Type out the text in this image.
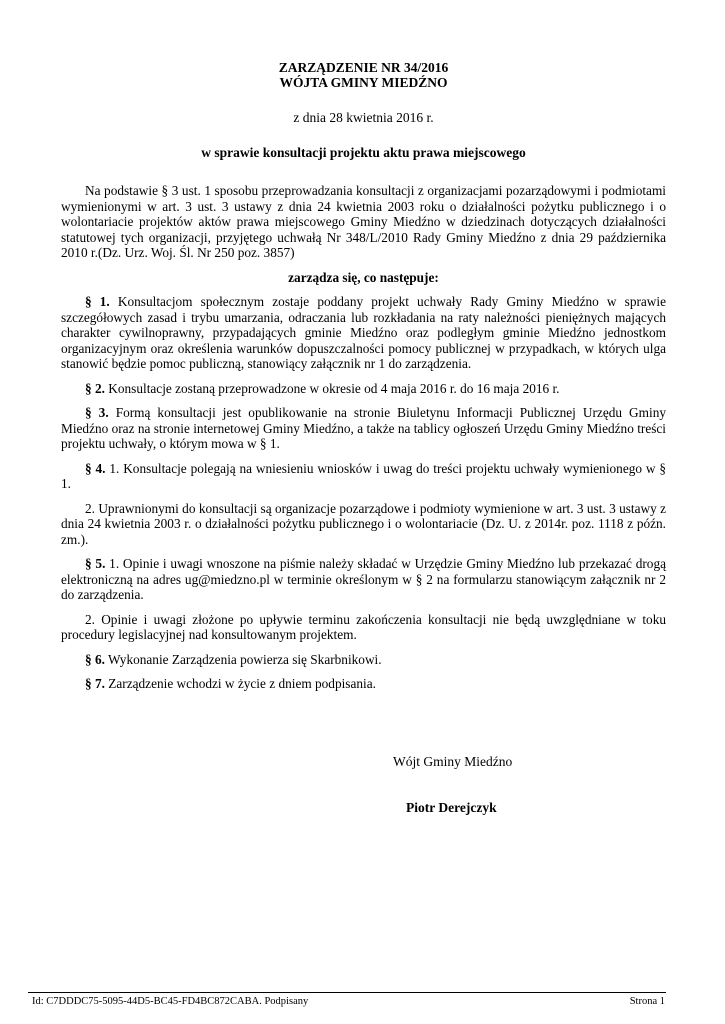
ZARZĄDZENIE NR 34/2016
WÓJTA GMINY MIEDŹNO
z dnia 28 kwietnia 2016 r.
w sprawie konsultacji projektu aktu prawa miejscowego

Na podstawie § 3 ust. 1 sposobu przeprowadzania konsultacji z organizacjami pozarządowymi i podmiotami wymienionymi w art. 3 ust. 3 ustawy z dnia 24 kwietnia 2003 roku o działalności pożytku publicznego i o wolontariacie projektów aktów prawa miejscowego Gminy Miedźno w dziedzinach dotyczących działalności statutowej tych organizacji, przyjętego uchwałą Nr 348/L/2010 Rady Gminy Miedźno z dnia 29 października 2010 r.(Dz. Urz. Woj. Śl. Nr 250 poz. 3857)

zarządza się, co następuje:

§ 1. Konsultacjom społecznym zostaje poddany projekt uchwały Rady Gminy Miedźno w sprawie szczegółowych zasad i trybu umarzania, odraczania lub rozkładania na raty należności pieniężnych mających charakter cywilnoprawny, przypadających gminie Miedźno oraz podległym gminie Miedźno jednostkom organizacyjnym oraz określenia warunków dopuszczalności pomocy publicznej w przypadkach, w których ulga stanowić będzie pomoc publiczną, stanowiący załącznik nr 1 do zarządzenia.

§ 2. Konsultacje zostaną przeprowadzone w okresie od 4 maja 2016 r. do 16 maja 2016 r.

§ 3. Formą konsultacji jest opublikowanie na stronie Biuletynu Informacji Publicznej Urzędu Gminy Miedźno oraz na stronie internetowej Gminy Miedźno, a także na tablicy ogłoszeń Urzędu Gminy Miedźno treści projektu uchwały, o którym mowa w § 1.

§ 4. 1. Konsultacje polegają na wniesieniu wniosków i uwag do treści projektu uchwały wymienionego w § 1.

2. Uprawnionymi do konsultacji są organizacje pozarządowe i podmioty wymienione w art. 3 ust. 3 ustawy z dnia 24 kwietnia 2003 r. o działalności pożytku publicznego i o wolontariacie (Dz. U. z 2014r. poz. 1118 z późn. zm.).

§ 5. 1. Opinie i uwagi wnoszone na piśmie należy składać w Urzędzie Gminy Miedźno lub przekazać drogą elektroniczną na adres ug@miedzno.pl w terminie określonym w § 2 na formularzu stanowiącym załącznik nr 2 do zarządzenia.

2. Opinie i uwagi złożone po upływie terminu zakończenia konsultacji nie będą uwzględniane w toku procedury legislacyjnej nad konsultowanym projektem.

§ 6. Wykonanie Zarządzenia powierza się Skarbnikowi.

§ 7. Zarządzenie wchodzi w życie z dniem podpisania.

Wójt Gminy Miedźno
Piotr Derejczyk
Id: C7DDDC75-5095-44D5-BC45-FD4BC872CABA. Podpisany	Strona 1
